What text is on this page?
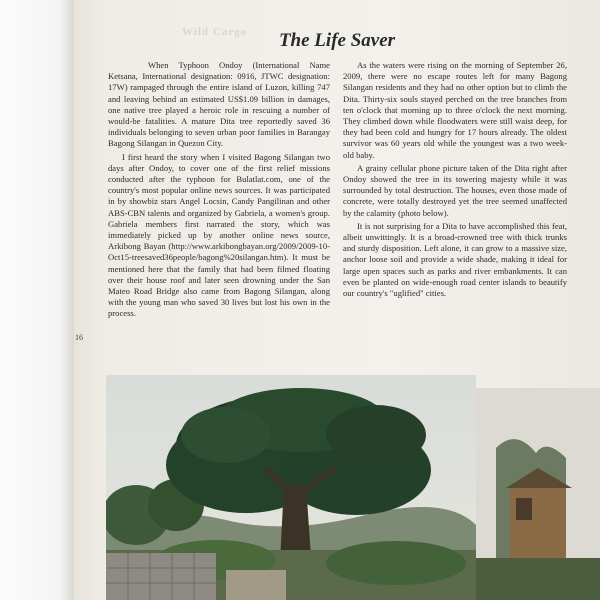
Wild Cargo	The Life Saver

When Typhoon Ondoy (International Name Ketsana, International designation: 0916, JTWC designation: 17W) rampaged through the entire island of Luzon, killing 747 and leaving behind an estimated US$1.09 billion in damages, one native tree played a heroic role in rescuing a number of would-be fatalities. A mature Dita tree reportedly saved 36 individuals belonging to seven urban poor families in Barangay Bagong Silangan in Quezon City.

I first heard the story when I visited Bagong Silangan two days after Ondoy, to cover one of the first relief missions conducted after the typhoon for Bulatlat.com, one of the country's most popular online news sources. It was participated in by showbiz stars Angel Locsin, Candy Pangilinan and other ABS-CBN talents and organized by Gabriela, a women's group. Gabriela members first narrated the story, which was immediately picked up by another online news source, Arkibong Bayan (http://www.arkibongbayan.org/2009/2009-10-Oct15-treesaved36people/bagong%20silangan.htm). It must be mentioned here that the family that had been filmed floating over their house roof and later seen drowning under the San Mateo Road Bridge also came from Bagong Silangan, along with the young man who saved 30 lives but lost his own in the process.

As the waters were rising on the morning of September 26, 2009, there were no escape routes left for many Bagong Silangan residents and they had no other option but to climb the Dita. Thirty-six souls stayed perched on the tree branches from ten o'clock that morning up to three o'clock the next morning. They climbed down while floodwaters were still waist deep, for they had been cold and hungry for 17 hours already. The oldest survivor was 60 years old while the youngest was a two week-old baby.

A grainy cellular phone picture taken of the Dita right after Ondoy showed the tree in its towering majesty while it was surrounded by total destruction. The houses, even those made of concrete, were totally destroyed yet the tree seemed unaffected by the calamity (photo below).

It is not surprising for a Dita to have accomplished this feat, albeit unwittingly. It is a broad-crowned tree with thick trunks and sturdy disposition. Left alone, it can grow to a massive size, anchor loose soil and provide a wide shade, making it ideal for large open spaces such as parks and river embankments. It can even be planted on wide-enough road center islands to beautify our country's "uglified" cities.

16
